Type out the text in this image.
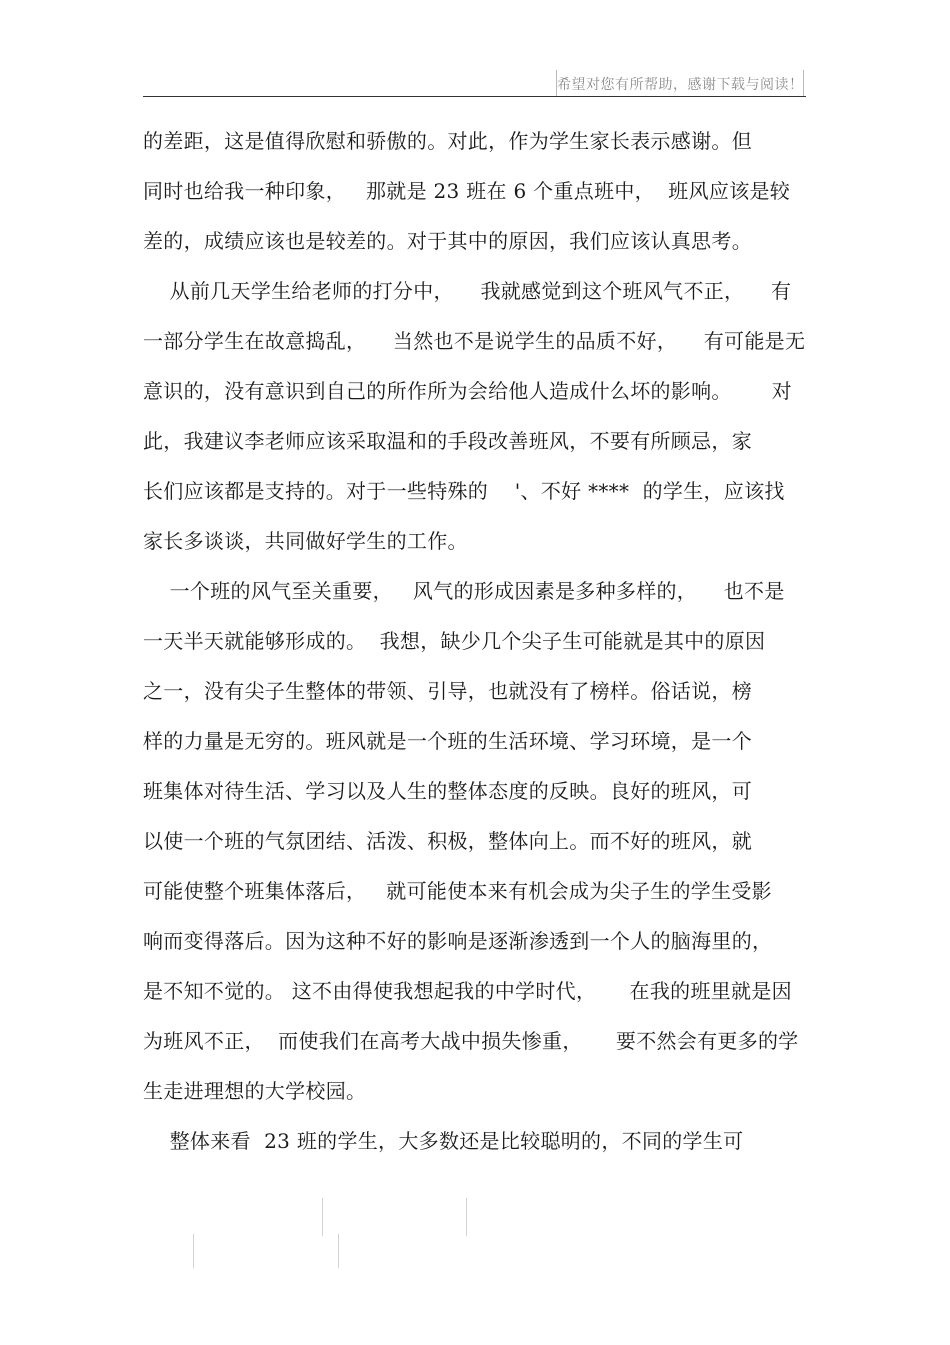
希望对您有所帮助，感谢下载与阅读！
的差距，这是值得欣慰和骄傲的。对此，作为学生家长表示感谢。但
同时也给我一种印象，   那就是 23 班在 6 个重点班中，  班风应该是较
差的，成绩应该也是较差的。对于其中的原因，我们应该认真思考。
从前几天学生给老师的打分中，    我就感觉到这个班风气不正，    有
一部分学生在故意捣乱，    当然也不是说学生的品质不好，    有可能是无
意识的，没有意识到自己的所作所为会给他人造成什么坏的影响。      对
此，我建议李老师应该采取温和的手段改善班风，不要有所顾忌，家
长们应该都是支持的。对于一些特殊的    '、不好 ****  的学生，应该找
家长多谈谈，共同做好学生的工作。
一个班的风气至关重要，   风气的形成因素是多种多样的，    也不是
一天半天就能够形成的。  我想，缺少几个尖子生可能就是其中的原因
之一，没有尖子生整体的带领、引导，也就没有了榜样。俗话说，榜
样的力量是无穷的。班风就是一个班的生活环境、学习环境，是一个
班集体对待生活、学习以及人生的整体态度的反映。良好的班风，可
以使一个班的气氛团结、活泼、积极，整体向上。而不好的班风，就
可能使整个班集体落后，   就可能使本来有机会成为尖子生的学生受影
响而变得落后。因为这种不好的影响是逐渐渗透到一个人的脑海里的，
是不知不觉的。 这不由得使我想起我的中学时代，     在我的班里就是因
为班风不正，  而使我们在高考大战中损失惨重，     要不然会有更多的学
生走进理想的大学校园。
整体来看  23 班的学生，大多数还是比较聪明的，不同的学生可
